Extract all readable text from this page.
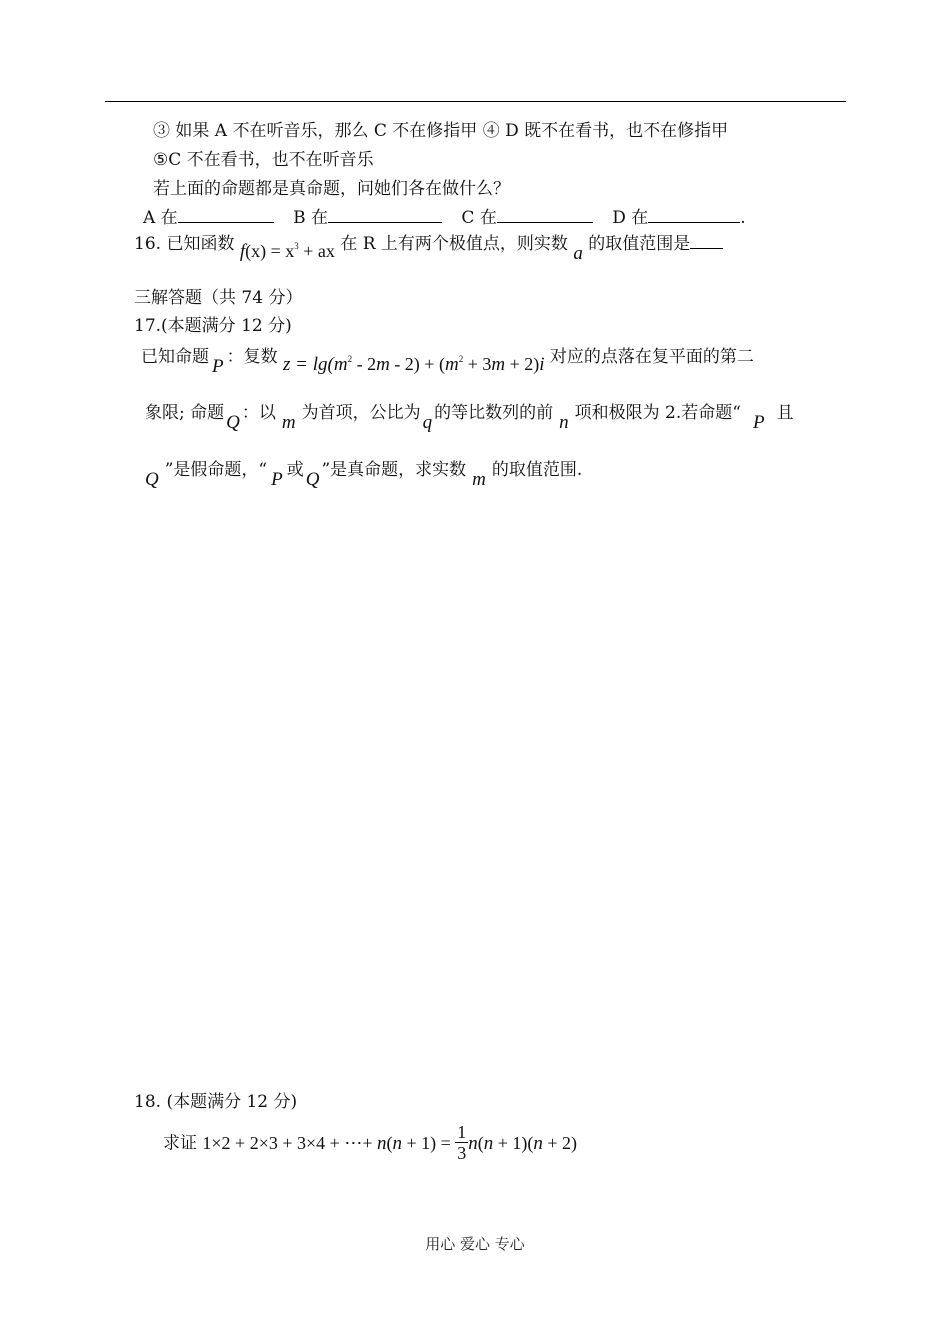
③ 如果 A 不在听音乐，那么 C 不在修指甲 ④ D 既不在看书，也不在修指甲
⑤C 不在看书，也不在听音乐
若上面的命题都是真命题，问她们各在做什么？
A 在	B 在	C 在	D 在	.
16. 已知函数 $f(x) = x^3$ + ax 在 R 上有两个极值点，则实数 a 的取值范围是
三解答题（共 74 分）
17.(本题满分 12 分)
已知命题 P ：复数 $z = \lg(m^2 - 2m - 2) + (m^2 + 3m + 2)i$ 对应的点落在复平面的第二
象限; 命题 Q ：以 m 为首项，公比为 q 的等比数列的前 n 项和极限为 2.若命题“ P 且
Q ”是假命题，“ P 或 Q ”是真命题，求实数 m 的取值范围.
18. (本题满分 12 分)
求证 1×2 + 2×3 + 3×4 + ⋯+ $n(n + 1) = \frac{1}{3} n(n + 1)(n + 2)$
用心 爱心 专心
